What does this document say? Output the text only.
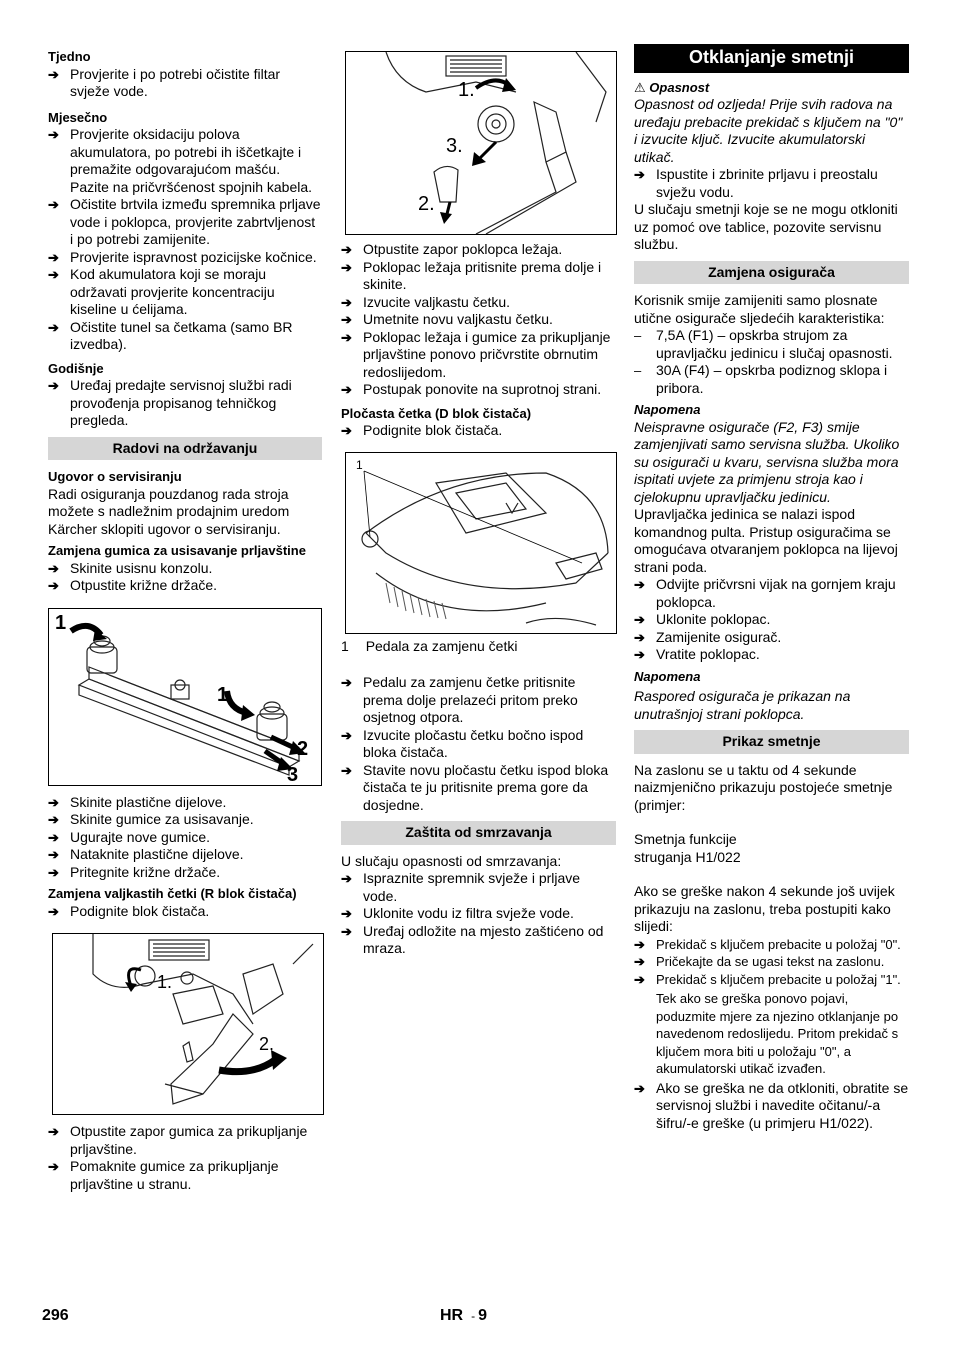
Tjedno
➔ Provjerite i po potrebi očistite filtar svježe vode.
Mjesečno
➔ Provjerite oksidaciju polova akumulatora, po potrebi ih iščetkajte i premažite odgovarajućom mašću. Pazite na pričvršćenost spojnih kabela.
➔ Očistite brtvila između spremnika prljave vode i poklopca, provjerite zabrtvljenost i po potrebi zamijenite.
➔ Provjerite ispravnost pozicijske kočnice.
➔ Kod akumulatora koji se moraju održavati provjerite koncentraciju kiseline u ćelijama.
➔ Očistite tunel sa četkama (samo BR izvedba).
Godišnje
➔ Uređaj predajte servisnoj službi radi provođenja propisanog tehničkog pregleda.
Radovi na održavanju
Ugovor o servisiranju

Radi osiguranja pouzdanog rada stroja možete s nadležnim prodajnim uredom Kärcher sklopiti ugovor o servisiranju.

Zamjena gumica za usisavanje prljavštine
➔ Skinite usisnu konzolu.
➔ Otpustite križne držače.
1
1
2
3
➔ Skinite plastične dijelove.
➔ Skinite gumice za usisavanje.
➔ Ugurajte nove gumice.
➔ Nataknite plastične dijelove.
➔ Pritegnite križne držače.
Zamjena valjkastih četki (R blok čistača)
➔ Podignite blok čistača.
1.
2.
➔ Otpustite zapor gumica za prikupljanje prljavštine.
➔ Pomaknite gumice za prikupljanje prljavštine u stranu.
1.
3.
2.
➔ Otpustite zapor poklopca ležaja.
➔ Poklopac ležaja pritisnite prema dolje i skinite.
➔ Izvucite valjkastu četku.
➔ Umetnite novu valjkastu četku.
➔ Poklopac ležaja i gumice za prikupljanje prljavštine ponovo pričvrstite obrnutim redoslijedom.
➔ Postupak ponovite na suprotnoj strani.
Pločasta četka (D blok čistača)
➔ Podignite blok čistača.
1
1 Pedala za zamjenu četki
➔ Pedalu za zamjenu četke pritisnite prema dolje prelazeći pritom preko osjetnog otpora.
➔ Izvucite pločastu četku bočno ispod bloka čistača.
➔ Stavite novu pločastu četku ispod bloka čistača te ju pritisnite prema gore da dosjedne.
Zaštita od smrzavanja

U slučaju opasnosti od smrzavanja:

➔ Ispraznite spremnik svježe i prljave vode.
➔ Uklonite vodu iz filtra svježe vode.
➔ Uređaj odložite na mjesto zaštićeno od mraza.
Otklanjanje smetnji
⚠ Opasnost

Opasnost od ozljeda! Prije svih radova na uređaju prebacite prekidač s ključem na "0" i izvucite ključ. Izvucite akumulatorski utikač.

➔ Ispustite i zbrinite prljavu i preostalu svježu vodu.

U slučaju smetnji koje se ne mogu otkloniti uz pomoć ove tablice, pozovite servisnu službu.

Zamjena osigurača

Korisnik smije zamijeniti samo plosnate utične osigurače sljedećih karakteristika:

– 7,5A (F1) – opskrba strujom za upravljačku jedinicu i slučaj opasnosti.
– 30A (F4) – opskrba podiznog sklopa i pribora.
Napomena

Neispravne osigurače (F2, F3) smije zamjenjivati samo servisna služba. Ukoliko su osigurači u kvaru, servisna služba mora ispitati uvjete za primjenu stroja kao i cjelokupnu upravljačku jedinicu.

Upravljačka jedinica se nalazi ispod komandnog pulta. Pristup osiguračima se omogućava otvaranjem poklopca na lijevoj strani poda.

➔ Odvijte pričvrsni vijak na gornjem kraju poklopca.
➔ Uklonite poklopac.
➔ Zamijenite osigurač.
➔ Vratite poklopac.
Napomena

Raspored osigurača je prikazan na unutrašnjoj strani poklopca.

Prikaz smetnje

Na zaslonu se u taktu od 4 sekunde naizmjenično prikazuju postojeće smetnje (primjer:

Smetnja funkcije

struganja H1/022

Ako se greške nakon 4 sekunde još uvijek prikazuju na zaslonu, treba postupiti kako slijedi:

➔ Prekidač s ključem prebacite u položaj "0".
➔ Pričekajte da se ugasi tekst na zaslonu.
➔ Prekidač s ključem prebacite u položaj "1".

Tek ako se greška ponovo pojavi, poduzmite mjere za njezino otklanjanje po navedenom redoslijedu. Pritom prekidač s ključem mora biti u položaju "0", a akumulatorski utikač izvađen.

➔ Ako se greška ne da otkloniti, obratite se servisnoj službi i navedite očitanu/-a šifru/-e greške (u primjeru H1/022).
296	HR - 9
